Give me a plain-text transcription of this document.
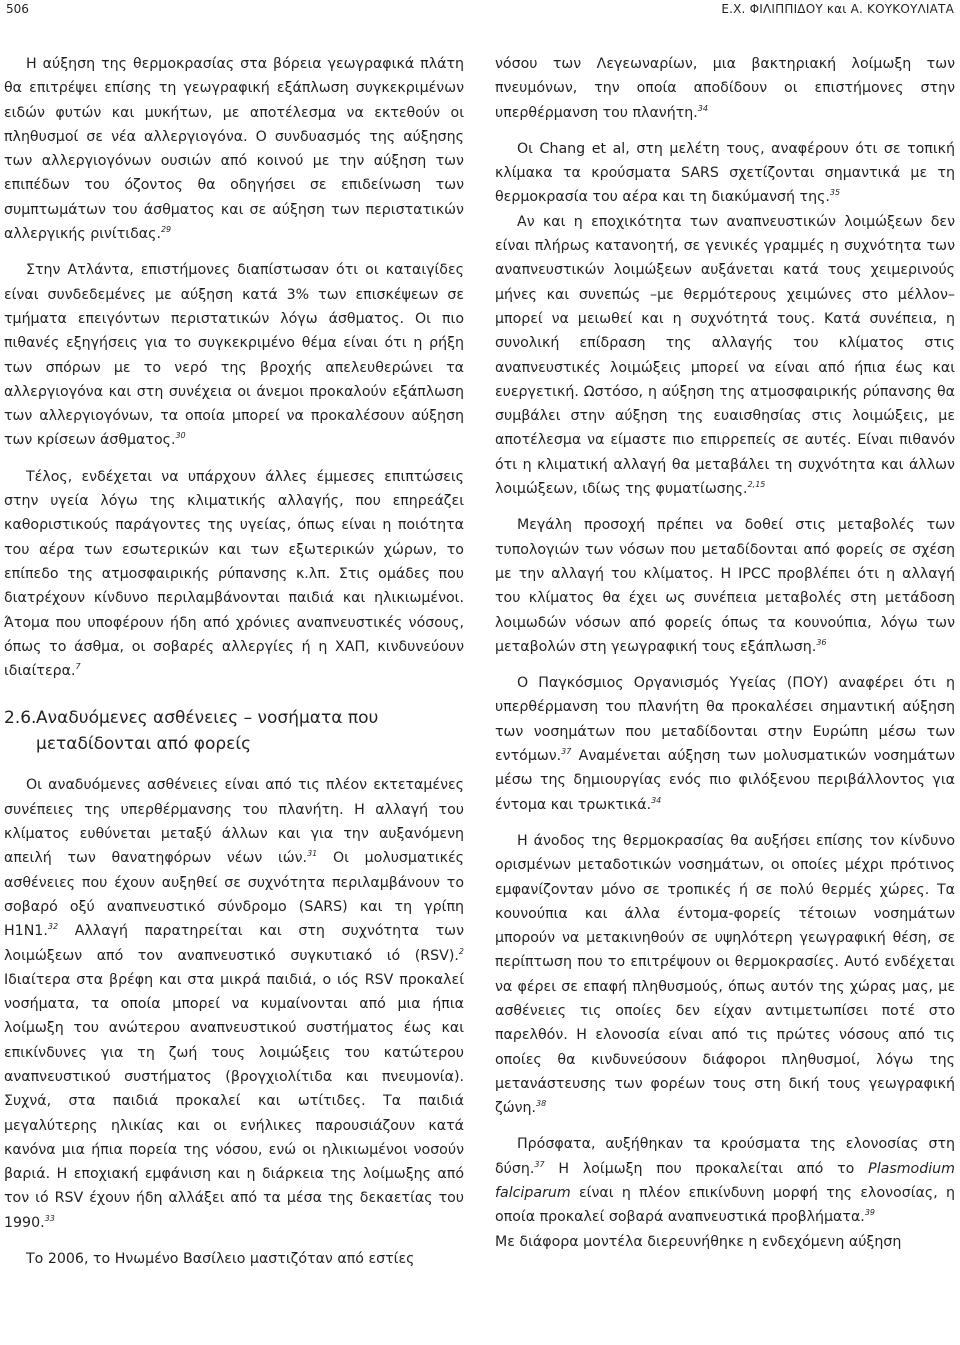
506	Ε.Χ. ΦΙΛΙΠΠΙΔΟΥ και Α. ΚΟΥΚΟΥΛΙΑΤΑ

Η αύξηση της θερμοκρασίας στα βόρεια γεωγραφικά πλάτη θα επιτρέψει επίσης τη γεωγραφική εξάπλωση συγκεκριμένων ειδών φυτών και μυκήτων, με αποτέλεσμα να εκτεθούν οι πληθυσμοί σε νέα αλλεργιογόνα. Ο συνδυασμός της αύξησης των αλλεργιογόνων ουσιών από κοινού με την αύξηση των επιπέδων του όζοντος θα οδηγήσει σε επιδείνωση των συμπτωμάτων του άσθματος και σε αύξηση των περιστατικών αλλεργικής ρινίτιδας.$^{29}$

Στην Ατλάντα, επιστήμονες διαπίστωσαν ότι οι καταιγίδες είναι συνδεδεμένες με αύξηση κατά 3% των επισκέψεων σε τμήματα επειγόντων περιστατικών λόγω άσθματος. Οι πιο πιθανές εξηγήσεις για το συγκεκριμένο θέμα είναι ότι η ρήξη των σπόρων με το νερό της βροχής απελευθερώνει τα αλλεργιογόνα και στη συνέχεια οι άνεμοι προκαλούν εξάπλωση των αλλεργιογόνων, τα οποία μπορεί να προκαλέσουν αύξηση των κρίσεων άσθματος.$^{30}$

Τέλος, ενδέχεται να υπάρχουν άλλες έμμεσες επιπτώσεις στην υγεία λόγω της κλιματικής αλλαγής, που επηρεάζει καθοριστικούς παράγοντες της υγείας, όπως είναι η ποιότητα του αέρα των εσωτερικών και των εξωτερικών χώρων, το επίπεδο της ατμοσφαιρικής ρύπανσης κ.λπ. Στις ομάδες που διατρέχουν κίνδυνο περιλαμβάνονται παιδιά και ηλικιωμένοι. Άτομα που υποφέρουν ήδη από χρόνιες αναπνευστικές νόσους, όπως το άσθμα, οι σοβαρές αλλεργίες ή η ΧΑΠ, κινδυνεύουν ιδιαίτερα.$^7$

2.6. Αναδυόμενες ασθένειες – νοσήματα που μεταδίδονται από φορείς

Οι αναδυόμενες ασθένειες είναι από τις πλέον εκτεταμένες συνέπειες της υπερθέρμανσης του πλανήτη. Η αλλαγή του κλίματος ευθύνεται μεταξύ άλλων και για την αυξανόμενη απειλή των θανατηφόρων νέων ιών.$^{31}$ Οι μολυσματικές ασθένειες που έχουν αυξηθεί σε συχνότητα περιλαμβάνουν το σοβαρό οξύ αναπνευστικό σύνδρομο (SARS) και τη γρίπη H1N1.32 Αλλαγή παρατηρείται και στη συχνότητα των λοιμώξεων από τον αναπνευστικό συγκυτιακό ιό (RSV).$^2$ Ιδιαίτερα στα βρέφη και στα μικρά παιδιά, ο ιός RSV προκαλεί νοσήματα, τα οποία μπορεί να κυμαίνονται από μια ήπια λοίμωξη του ανώτερου αναπνευστικού συστήματος έως και επικίνδυνες για τη ζωή τους λοιμώξεις του κατώτερου αναπνευστικού συστήματος (βρογχιολίτιδα και πνευμονία). Συχνά, στα παιδιά προκαλεί και ωτίτιδες. Τα παιδιά μεγαλύτερης ηλικίας και οι ενήλικες παρουσιάζουν κατά κανόνα μια ήπια πορεία της νόσου, ενώ οι ηλικιωμένοι νοσούν βαριά. Η εποχιακή εμφάνιση και η διάρκεια της λοίμωξης από τον ιό RSV έχουν ήδη αλλάξει από τα μέσα της δεκαετίας του 1990.33

Το 2006, το Ηνωμένο Βασίλειο μαστιζόταν από εστίες

νόσου των Λεγεωναρίων, μια βακτηριακή λοίμωξη των πνευμόνων, την οποία αποδίδουν οι επιστήμονες στην υπερθέρμανση του πλανήτη.$^{34}$

Οι Chang et al, στη μελέτη τους, αναφέρουν ότι σε τοπική κλίμακα τα κρούσματα SARS σχετίζονται σημαντικά με τη θερμοκρασία του αέρα και τη διακύμανσή της.$^{35}$

Αν και η εποχικότητα των αναπνευστικών λοιμώξεων δεν είναι πλήρως κατανοητή, σε γενικές γραμμές η συχνότητα των αναπνευστικών λοιμώξεων αυξάνεται κατά τους χειμερινούς μήνες και συνεπώς –με θερμότερους χειμώνες στο μέλλον– μπορεί να μειωθεί και η συχνότητά τους. Κατά συνέπεια, η συνολική επίδραση της αλλαγής του κλίματος στις αναπνευστικές λοιμώξεις μπορεί να είναι από ήπια έως και ευεργετική. Ωστόσο, η αύξηση της ατμοσφαιρικής ρύπανσης θα συμβάλει στην αύξηση της ευαισθησίας στις λοιμώξεις, με αποτέλεσμα να είμαστε πιο επιρρεπείς σε αυτές. Είναι πιθανόν ότι η κλιματική αλλαγή θα μεταβάλει τη συχνότητα και άλλων λοιμώξεων, ιδίως της φυματίωσης.$^{2,15}$

Μεγάλη προσοχή πρέπει να δοθεί στις μεταβολές των τυπολογιών των νόσων που μεταδίδονται από φορείς σε σχέση με την αλλαγή του κλίματος. Η IPCC προβλέπει ότι η αλλαγή του κλίματος θα έχει ως συνέπεια μεταβολές στη μετάδοση λοιμωδών νόσων από φορείς όπως τα κουνούπια, λόγω των μεταβολών στη γεωγραφική τους εξάπλωση.$^{36}$

Ο Παγκόσμιος Οργανισμός Υγείας (ΠΟΥ) αναφέρει ότι η υπερθέρμανση του πλανήτη θα προκαλέσει σημαντική αύξηση των νοσημάτων που μεταδίδονται στην Ευρώπη μέσω των εντόμων.$^{37}$ Αναμένεται αύξηση των μολυσματικών νοσημάτων μέσω της δημιουργίας ενός πιο φιλόξενου περιβάλλοντος για έντομα και τρωκτικά.$^{34}$

Η άνοδος της θερμοκρασίας θα αυξήσει επίσης τον κίνδυνο ορισμένων μεταδοτικών νοσημάτων, οι οποίες μέχρι πρότινος εμφανίζονταν μόνο σε τροπικές ή σε πολύ θερμές χώρες. Τα κουνούπια και άλλα έντομα-φορείς τέτοιων νοσημάτων μπορούν να μετακινηθούν σε υψηλότερη γεωγραφική θέση, σε περίπτωση που το επιτρέψουν οι θερμοκρασίες. Αυτό ενδέχεται να φέρει σε επαφή πληθυσμούς, όπως αυτόν της χώρας μας, με ασθένειες τις οποίες δεν είχαν αντιμετωπίσει ποτέ στο παρελθόν. Η ελονοσία είναι από τις πρώτες νόσους από τις οποίες θα κινδυνεύσουν διάφοροι πληθυσμοί, λόγω της μετανάστευσης των φορέων τους στη δική τους γεωγραφική ζώνη.$^{38}$

Πρόσφατα, αυξήθηκαν τα κρούσματα της ελονοσίας στη δύση.$^{37}$ Η λοίμωξη που προκαλείται από το Plasmodium falciparum είναι η πλέον επικίνδυνη μορφή της ελονοσίας, η οποία προκαλεί σοβαρά αναπνευστικά προβλήματα.$^{39}$

Με διάφορα μοντέλα διερευνήθηκε η ενδεχόμενη αύξηση
